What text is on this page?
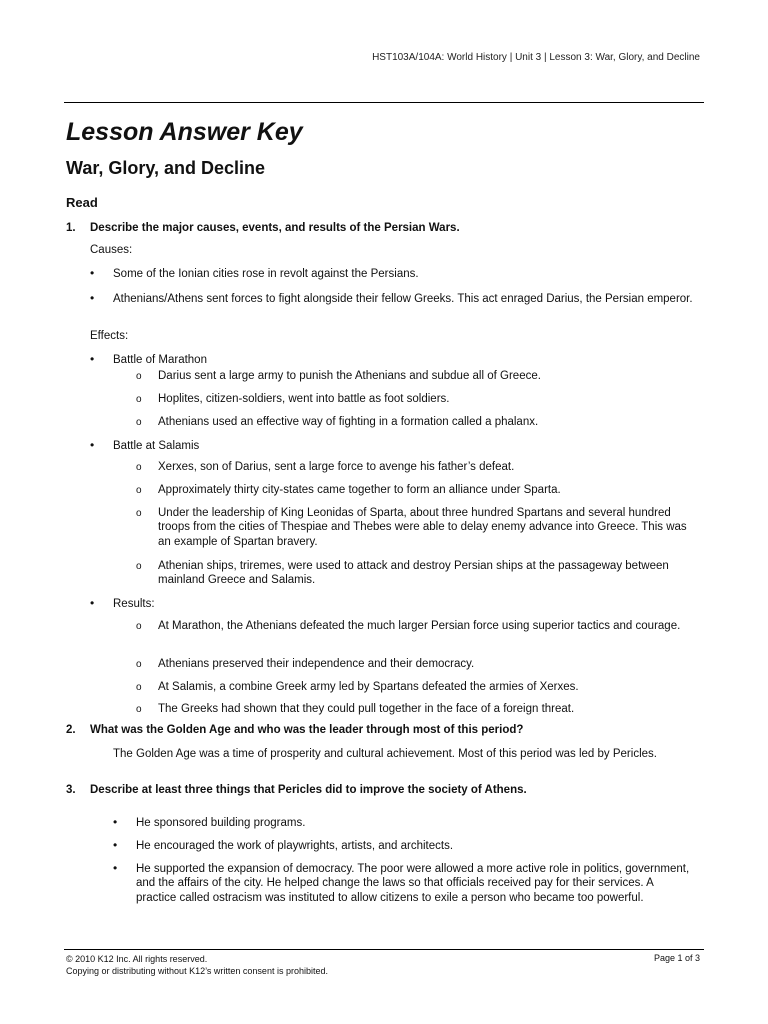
HST103A/104A: World History | Unit 3 | Lesson 3: War, Glory, and Decline
Lesson Answer Key
War, Glory, and Decline
Read
1. Describe the major causes, events, and results of the Persian Wars.
Causes:
• Some of the Ionian cities rose in revolt against the Persians.
• Athenians/Athens sent forces to fight alongside their fellow Greeks. This act enraged Darius, the Persian emperor.
Effects:
• Battle of Marathon
o Darius sent a large army to punish the Athenians and subdue all of Greece.
o Hoplites, citizen-soldiers, went into battle as foot soldiers.
o Athenians used an effective way of fighting in a formation called a phalanx.
• Battle at Salamis
o Xerxes, son of Darius, sent a large force to avenge his father’s defeat.
o Approximately thirty city-states came together to form an alliance under Sparta.
o Under the leadership of King Leonidas of Sparta, about three hundred Spartans and several hundred troops from the cities of Thespiae and Thebes were able to delay enemy advance into Greece. This was an example of Spartan bravery.
o Athenian ships, triremes, were used to attack and destroy Persian ships at the passageway between mainland Greece and Salamis.
• Results:
o At Marathon, the Athenians defeated the much larger Persian force using superior tactics and courage.
o Athenians preserved their independence and their democracy.
o At Salamis, a combine Greek army led by Spartans defeated the armies of Xerxes.
o The Greeks had shown that they could pull together in the face of a foreign threat.
2. What was the Golden Age and who was the leader through most of this period?
The Golden Age was a time of prosperity and cultural achievement. Most of this period was led by Pericles.
3. Describe at least three things that Pericles did to improve the society of Athens.
• He sponsored building programs.
• He encouraged the work of playwrights, artists, and architects.
• He supported the expansion of democracy. The poor were allowed a more active role in politics, government, and the affairs of the city. He helped change the laws so that officials received pay for their services. A practice called ostracism was instituted to allow citizens to exile a person who became too powerful.
© 2010 K12 Inc. All rights reserved.
Copying or distributing without K12’s written consent is prohibited.
Page 1 of 3
